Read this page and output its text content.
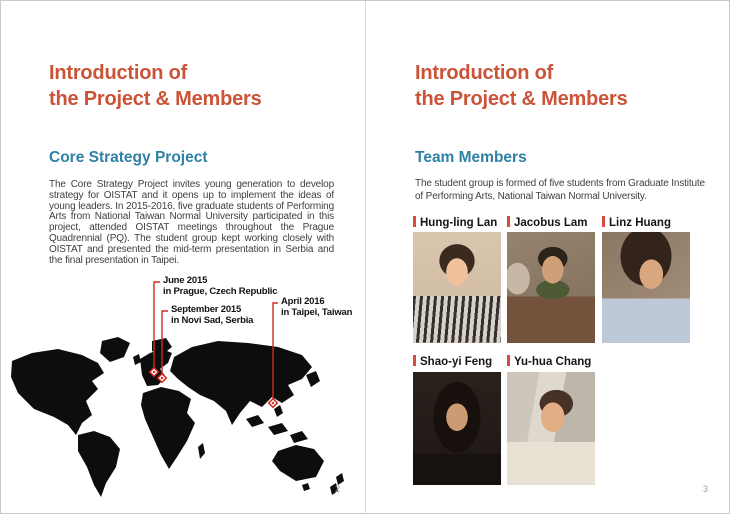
Introduction of
the Project & Members
Core Strategy Project
The Core Strategy Project invites young generation to develop strategy for OISTAT and it opens up to implement the ideas of young leaders. In 2015-2016, five graduate students of Performing Arts from National Taiwan Normal University participated in this project, attended OISTAT meetings throughout the Prague Quadrennial (PQ). The student group kept working closely with OISTAT and presented the mid-term presentation in Serbia and the final presentation in Taipei.
June 2015
in Prague, Czech Republic
September 2015
in Novi Sad, Serbia
April 2016
in Taipei, Taiwan
2
Introduction of
the Project & Members
Team Members
The student group is formed of five students from Graduate Institute of Performing Arts, National Taiwan Normal University.
Hung-ling Lan	Jacobus Lam	Linz Huang
Shao-yi Feng	Yu-hua Chang
3
